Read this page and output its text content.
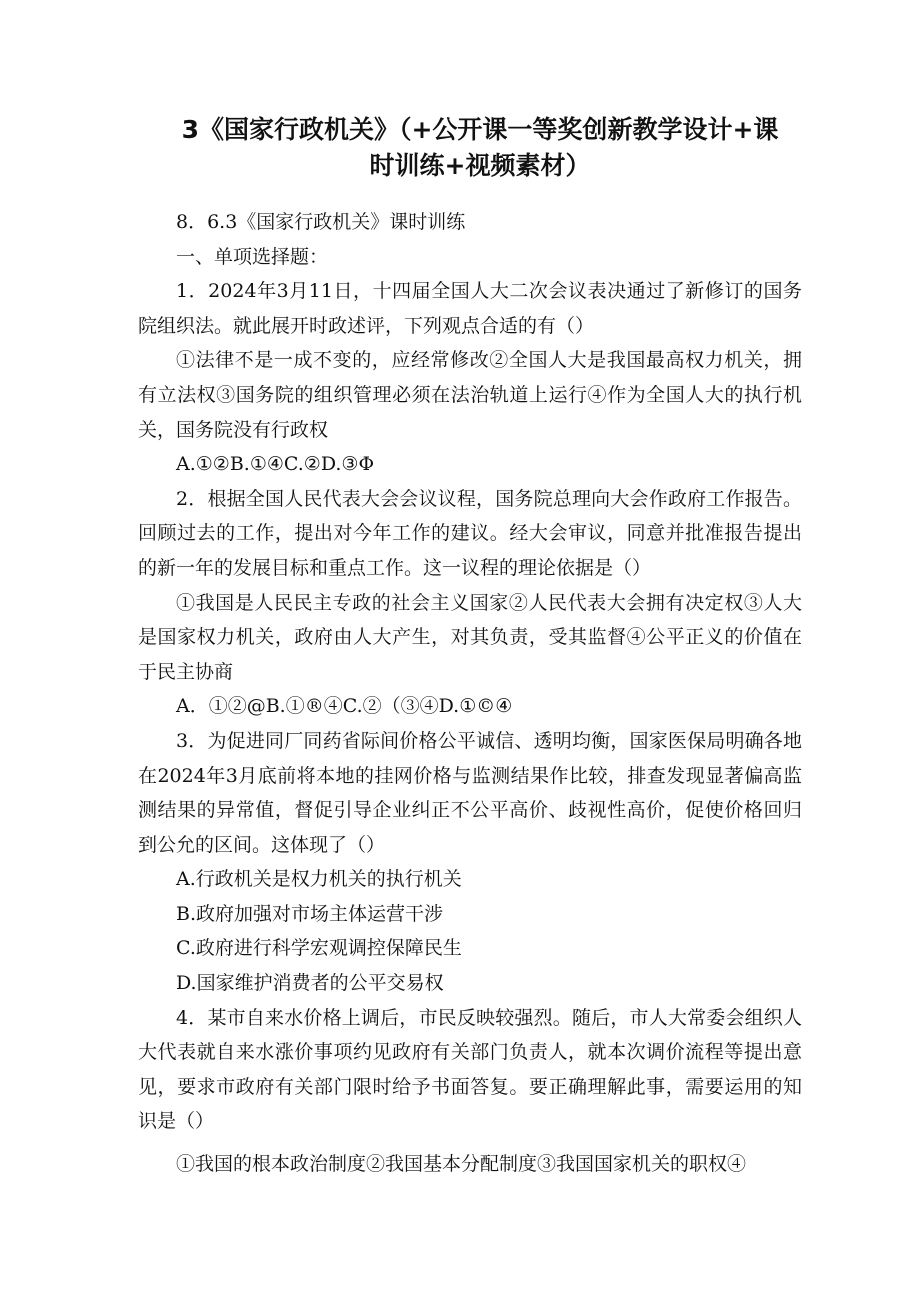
3《国家行政机关》（+公开课一等奖创新教学设计+课
时训练+视频素材）

8．6.3《国家行政机关》课时训练

一、单项选择题：

1．2024年3月11日，十四届全国人大二次会议表决通过了新修订的国务院组织法。就此展开时政述评，下列观点合适的有（）

①法律不是一成不变的，应经常修改②全国人大是我国最高权力机关，拥有立法权③国务院的组织管理必须在法治轨道上运行④作为全国人大的执行机关，国务院没有行政权

A.①②B.①④C.②D.③Φ

2．根据全国人民代表大会会议议程，国务院总理向大会作政府工作报告。回顾过去的工作，提出对今年工作的建议。经大会审议，同意并批准报告提出的新一年的发展目标和重点工作。这一议程的理论依据是（）

①我国是人民民主专政的社会主义国家②人民代表大会拥有决定权③人大是国家权力机关，政府由人大产生，对其负责，受其监督④公平正义的价值在于民主协商

A．①②@B.①®④C.②（③④D.①©④

3．为促进同厂同药省际间价格公平诚信、透明均衡，国家医保局明确各地在2024年3月底前将本地的挂网价格与监测结果作比较，排查发现显著偏高监测结果的异常值，督促引导企业纠正不公平高价、歧视性高价，促使价格回归到公允的区间。这体现了（）

A.行政机关是权力机关的执行机关

B.政府加强对市场主体运营干涉

C.政府进行科学宏观调控保障民生

D.国家维护消费者的公平交易权

4．某市自来水价格上调后，市民反映较强烈。随后，市人大常委会组织人大代表就自来水涨价事项约见政府有关部门负责人，就本次调价流程等提出意见，要求市政府有关部门限时给予书面答复。要正确理解此事，需要运用的知识是（）

①我国的根本政治制度②我国基本分配制度③我国国家机关的职权④
